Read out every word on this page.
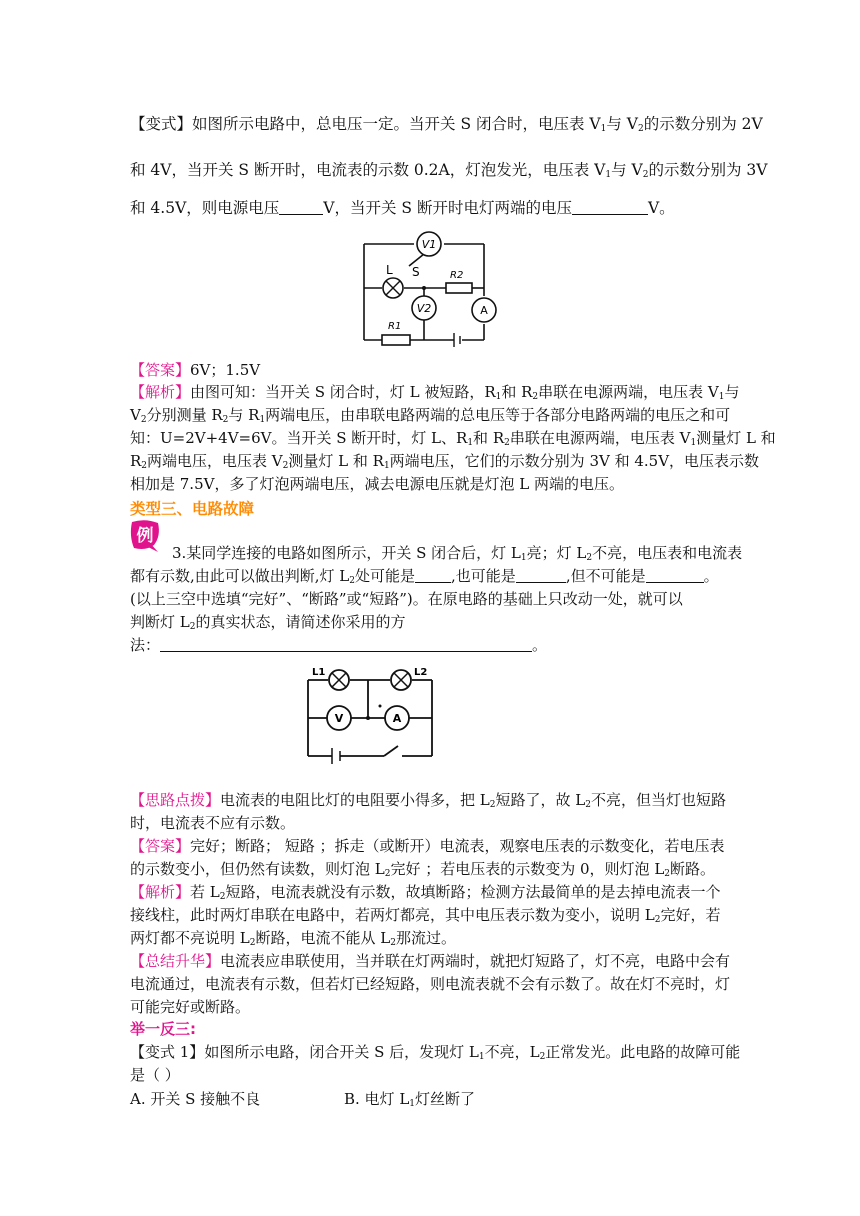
【变式】如图所示电路中，总电压一定。当开关 S 闭合时，电压表 $V_1$与 $V_2$的示数分别为 2V
和 4V，当开关 S 断开时，电流表的示数 0.2A，灯泡发光，电压表 $V_1$与 $V_2$的示数分别为 3V
和 4.5V，则电源电压	V，当开关 S 断开时电灯两端的电压	V。
V1
L S	R2
A
V2
R1
【答案】6V；1.5V
【解析】由图可知：当开关 S 闭合时，灯 L 被短路，$R_1$和 $R_2$串联在电源两端，电压表 $V_1$与
$V_2$分别测量 $R_2$与 $R_1$两端电压，由串联电路两端的总电压等于各部分电路两端的电压之和可
知：U=2V+4V=6V。当开关 S 断开时，灯 L、$R_1$和 $R_2$串联在电源两端，电压表 $V_1$测量灯 L 和
$R_2$两端电压，电压表 $V_2$测量灯 L 和 $R_1$两端电压，它们的示数分别为 3V 和 4.5V，电压表示数
相加是 7.5V，多了灯泡两端电压，减去电源电压就是灯泡 L 两端的电压。
类型三、电路故障
例
3.某同学连接的电路如图所示，开关 S 闭合后，灯 $L_1$亮；灯 $L_2$不亮，电压表和电流表
都有示数,由此可以做出判断,灯 $L_2$处可能是 ,也可能是	,但不可能是	。
(以上三空中选填“完好”、“断路”或“短路”)。在原电路的基础上只改动一处，就可以
判断灯 $L_2$的真实状态，请简述你采用的方
法：	。
L1	L2
V	A
【思路点拨】电流表的电阻比灯的电阻要小得多，把 $L_2$短路了，故 $L_2$不亮，但当灯也短路
时，电流表不应有示数。
【答案】完好；断路； 短路 ；拆走（或断开）电流表，观察电压表的示数变化，若电压表
的示数变小，但仍然有读数，则灯泡 $L_2$完好 ；若电压表的示数变为 0，则灯泡 $L_2$断路。
【解析】若 $L_2$短路，电流表就没有示数，故填断路；检测方法最简单的是去掉电流表一个
接线柱，此时两灯串联在电路中，若两灯都亮，其中电压表示数为变小，说明 $L_2$完好，若
两灯都不亮说明 $L_2$断路，电流不能从 $L_2$那流过。
【总结升华】电流表应串联使用，当并联在灯两端时，就把灯短路了，灯不亮，电路中会有
电流通过，电流表有示数，但若灯已经短路，则电流表就不会有示数了。故在灯不亮时，灯
可能完好或断路。
举一反三:
【变式 1】如图所示电路，闭合开关 S 后，发现灯 $L_1$不亮，$L_2$正常发光。此电路的故障可能
是（ ）
A. 开关 S 接触不良	B. 电灯 $L_1$灯丝断了
